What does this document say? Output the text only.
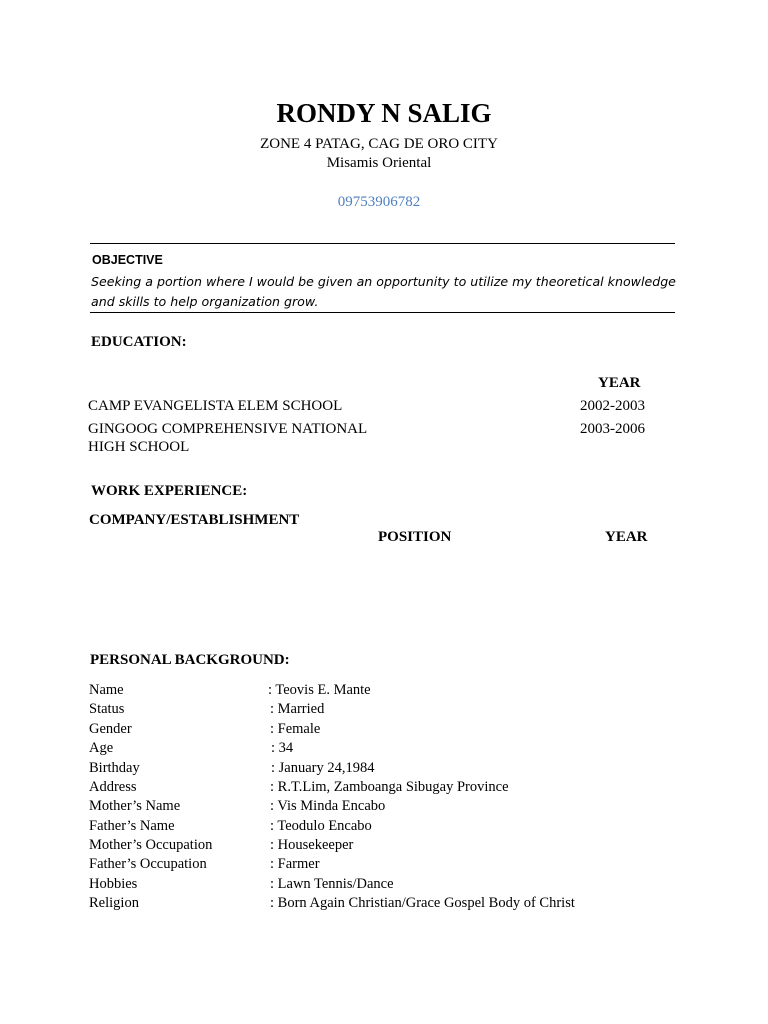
RONDY N SALIG
ZONE 4 PATAG, CAG DE ORO CITY
Misamis Oriental
09753906782
OBJECTIVE
Seeking a portion where I would be given an opportunity to utilize my theoretical knowledge and skills to help organization grow.
EDUCATION:
YEAR
CAMP EVANGELISTA ELEM SCHOOL	2002-2003
GINGOOG COMPREHENSIVE NATIONAL
HIGH SCHOOL
2003-2006
WORK EXPERIENCE:
COMPANY/ESTABLISHMENT
POSITION	YEAR
PERSONAL BACKGROUND:
Name	: Teovis E. Mante
Status	: Married
Gender	: Female
Age	: 34
Birthday	: January 24,1984
Address	: R.T.Lim, Zamboanga Sibugay Province
Mother’s Name	: Vis Minda Encabo
Father’s Name	: Teodulo Encabo
Mother’s Occupation	: Housekeeper
Father’s Occupation	: Farmer
Hobbies	: Lawn Tennis/Dance
Religion	: Born Again Christian/Grace Gospel Body of Christ
